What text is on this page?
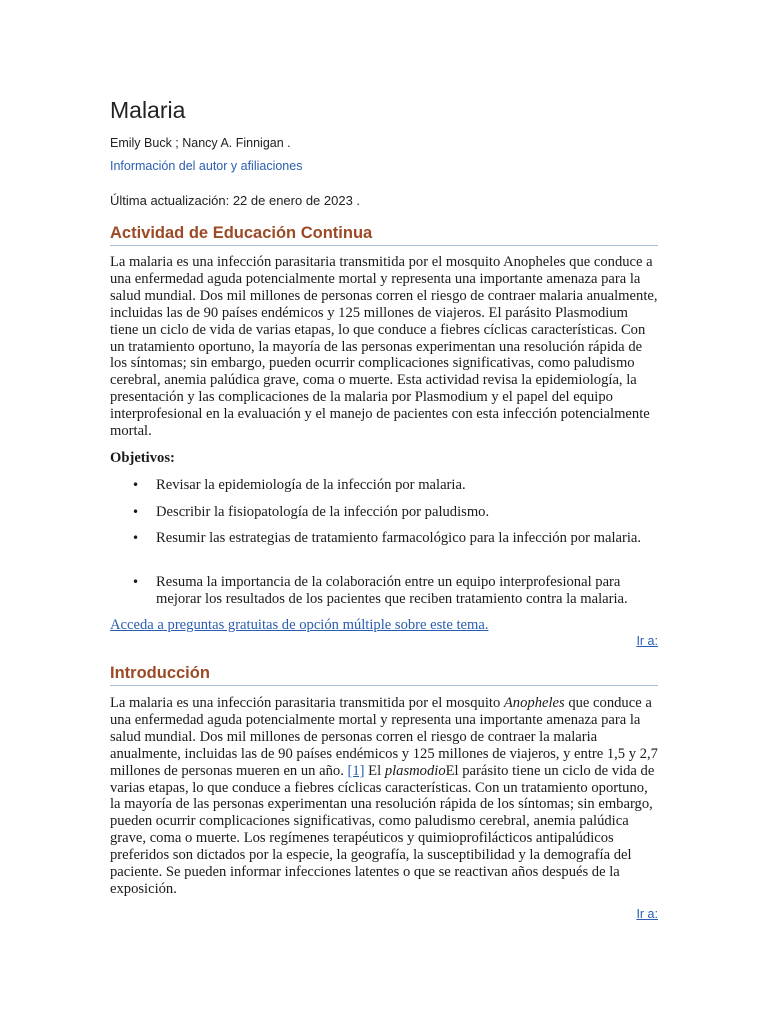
Malaria
Emily Buck ; Nancy A. Finnigan .
Información del autor y afiliaciones
Última actualización: 22 de enero de 2023 .
Actividad de Educación Continua

La malaria es una infección parasitaria transmitida por el mosquito Anopheles que conduce a una enfermedad aguda potencialmente mortal y representa una importante amenaza para la salud mundial. Dos mil millones de personas corren el riesgo de contraer malaria anualmente, incluidas las de 90 países endémicos y 125 millones de viajeros. El parásito Plasmodium tiene un ciclo de vida de varias etapas, lo que conduce a fiebres cíclicas características. Con un tratamiento oportuno, la mayoría de las personas experimentan una resolución rápida de los síntomas; sin embargo, pueden ocurrir complicaciones significativas, como paludismo cerebral, anemia palúdica grave, coma o muerte. Esta actividad revisa la epidemiología, la presentación y las complicaciones de la malaria por Plasmodium y el papel del equipo interprofesional en la evaluación y el manejo de pacientes con esta infección potencialmente mortal.

Objetivos:
• Revisar la epidemiología de la infección por malaria.
• Describir la fisiopatología de la infección por paludismo.
• Resumir las estrategias de tratamiento farmacológico para la infección por malaria.
• Resuma la importancia de la colaboración entre un equipo interprofesional para mejorar los resultados de los pacientes que reciben tratamiento contra la malaria.
Acceda a preguntas gratuitas de opción múltiple sobre este tema.
Ir a:
Introducción

La malaria es una infección parasitaria transmitida por el mosquito Anopheles que conduce a una enfermedad aguda potencialmente mortal y representa una importante amenaza para la salud mundial. Dos mil millones de personas corren el riesgo de contraer la malaria anualmente, incluidas las de 90 países endémicos y 125 millones de viajeros, y entre 1,5 y 2,7 millones de personas mueren en un año. [1] El plasmodioEl parásito tiene un ciclo de vida de varias etapas, lo que conduce a fiebres cíclicas características. Con un tratamiento oportuno, la mayoría de las personas experimentan una resolución rápida de los síntomas; sin embargo, pueden ocurrir complicaciones significativas, como paludismo cerebral, anemia palúdica grave, coma o muerte. Los regímenes terapéuticos y quimioprofilácticos antipalúdicos preferidos son dictados por la especie, la geografía, la susceptibilidad y la demografía del paciente. Se pueden informar infecciones latentes o que se reactivan años después de la exposición.

Ir a:
